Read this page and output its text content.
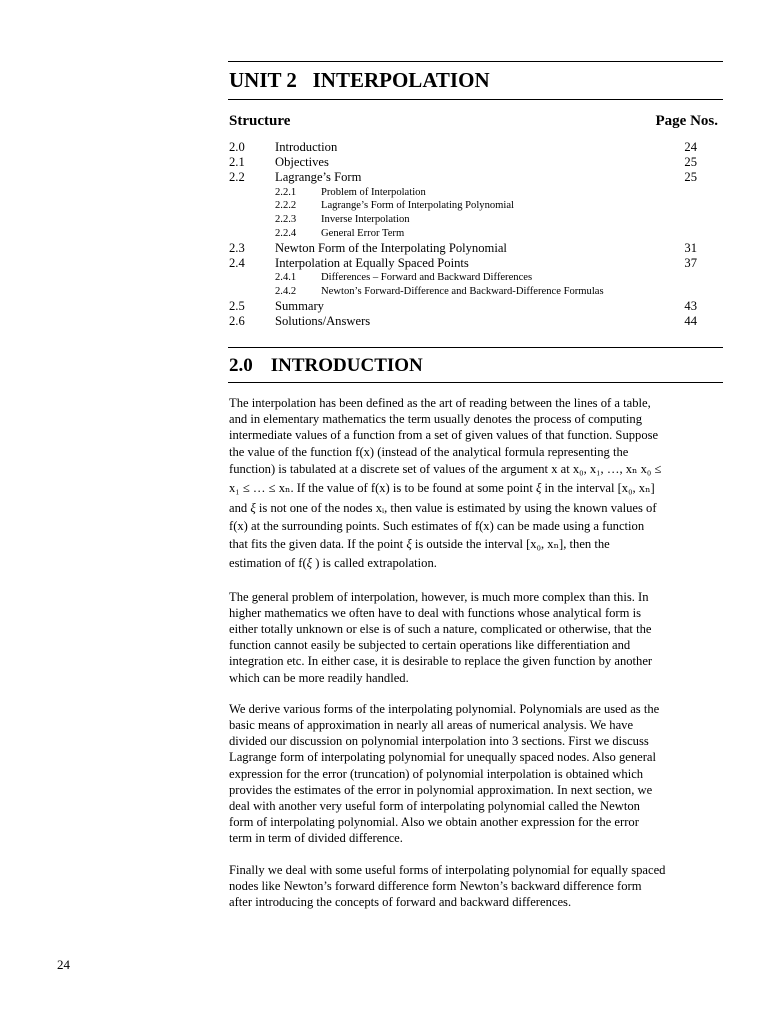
UNIT 2   INTERPOLATION
Structure	Page Nos.
2.0 Introduction	24
2.1 Objectives	25
2.2 Lagrange’s Form	25
2.2.1 Problem of Interpolation
2.2.2 Lagrange’s Form of Interpolating Polynomial
2.2.3 Inverse Interpolation
2.2.4 General Error Term
2.3 Newton Form of the Interpolating Polynomial	31
2.4 Interpolation at Equally Spaced Points	37
2.4.1 Differences – Forward and Backward Differences
2.4.2 Newton’s Forward-Difference and Backward-Difference Formulas
2.5 Summary	43
2.6 Solutions/Answers	44
2.0 INTRODUCTION

The interpolation has been defined as the art of reading between the lines of a table,
and in elementary mathematics the term usually denotes the process of computing
intermediate values of a function from a set of given values of that function. Suppose
the value of the function f(x) (instead of the analytical formula representing the
function) is tabulated at a discrete set of values of the argument x at x₀, x₁, …, xₙ x₀ ≤
x₁ ≤ … ≤ xₙ. If the value of f(x) is to be found at some point ξ in the interval [x₀, xₙ]
and ξ is not one of the nodes xᵢ, then value is estimated by using the known values of
f(x) at the surrounding points. Such estimates of f(x) can be made using a function
that fits the given data. If the point ξ is outside the interval [x₀, xₙ], then the
estimation of f(ξ ) is called extrapolation.

The general problem of interpolation, however, is much more complex than this. In
higher mathematics we often have to deal with functions whose analytical form is
either totally unknown or else is of such a nature, complicated or otherwise, that the
function cannot easily be subjected to certain operations like differentiation and
integration etc. In either case, it is desirable to replace the given function by another
which can be more readily handled.

We derive various forms of the interpolating polynomial. Polynomials are used as the
basic means of approximation in nearly all areas of numerical analysis. We have
divided our discussion on polynomial interpolation into 3 sections. First we discuss
Lagrange form of interpolating polynomial for unequally spaced nodes. Also general
expression for the error (truncation) of polynomial interpolation is obtained which
provides the estimates of the error in polynomial approximation. In next section, we
deal with another very useful form of interpolating polynomial called the Newton
form of interpolating polynomial. Also we obtain another expression for the error
term in term of divided difference.

Finally we deal with some useful forms of interpolating polynomial for equally spaced
nodes like Newton’s forward difference form Newton’s backward difference form
after introducing the concepts of forward and backward differences.

24
